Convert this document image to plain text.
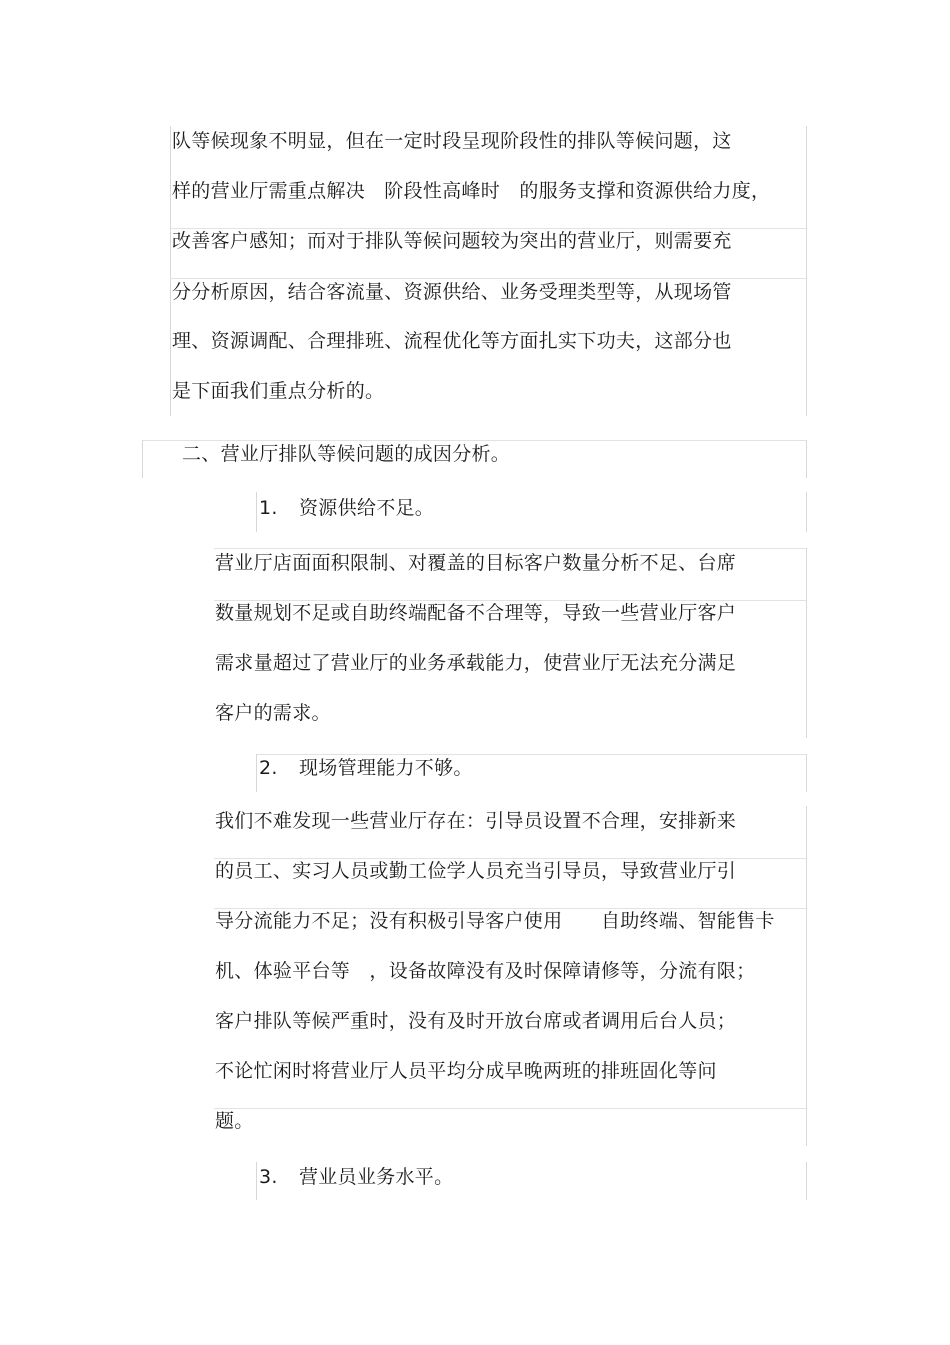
队等候现象不明显，但在一定时段呈现阶段性的排队等候问题，这
样的营业厅需重点解决　阶段性高峰时　的服务支撑和资源供给力度，
改善客户感知；而对于排队等候问题较为突出的营业厅，则需要充
分分析原因，结合客流量、资源供给、业务受理类型等，从现场管
理、资源调配、合理排班、流程优化等方面扎实下功夫，这部分也
是下面我们重点分析的。
二、营业厅排队等候问题的成因分析。
1. 资源供给不足。
营业厅店面面积限制、对覆盖的目标客户数量分析不足、台席
数量规划不足或自助终端配备不合理等，导致一些营业厅客户
需求量超过了营业厅的业务承载能力，使营业厅无法充分满足
客户的需求。
2. 现场管理能力不够。
我们不难发现一些营业厅存在：引导员设置不合理，安排新来
的员工、实习人员或勤工俭学人员充当引导员，导致营业厅引
导分流能力不足；没有积极引导客户使用　　自助终端、智能售卡
机、体验平台等　，设备故障没有及时保障请修等，分流有限；
客户排队等候严重时，没有及时开放台席或者调用后台人员；
不论忙闲时将营业厅人员平均分成早晚两班的排班固化等问
题。
3. 营业员业务水平。
